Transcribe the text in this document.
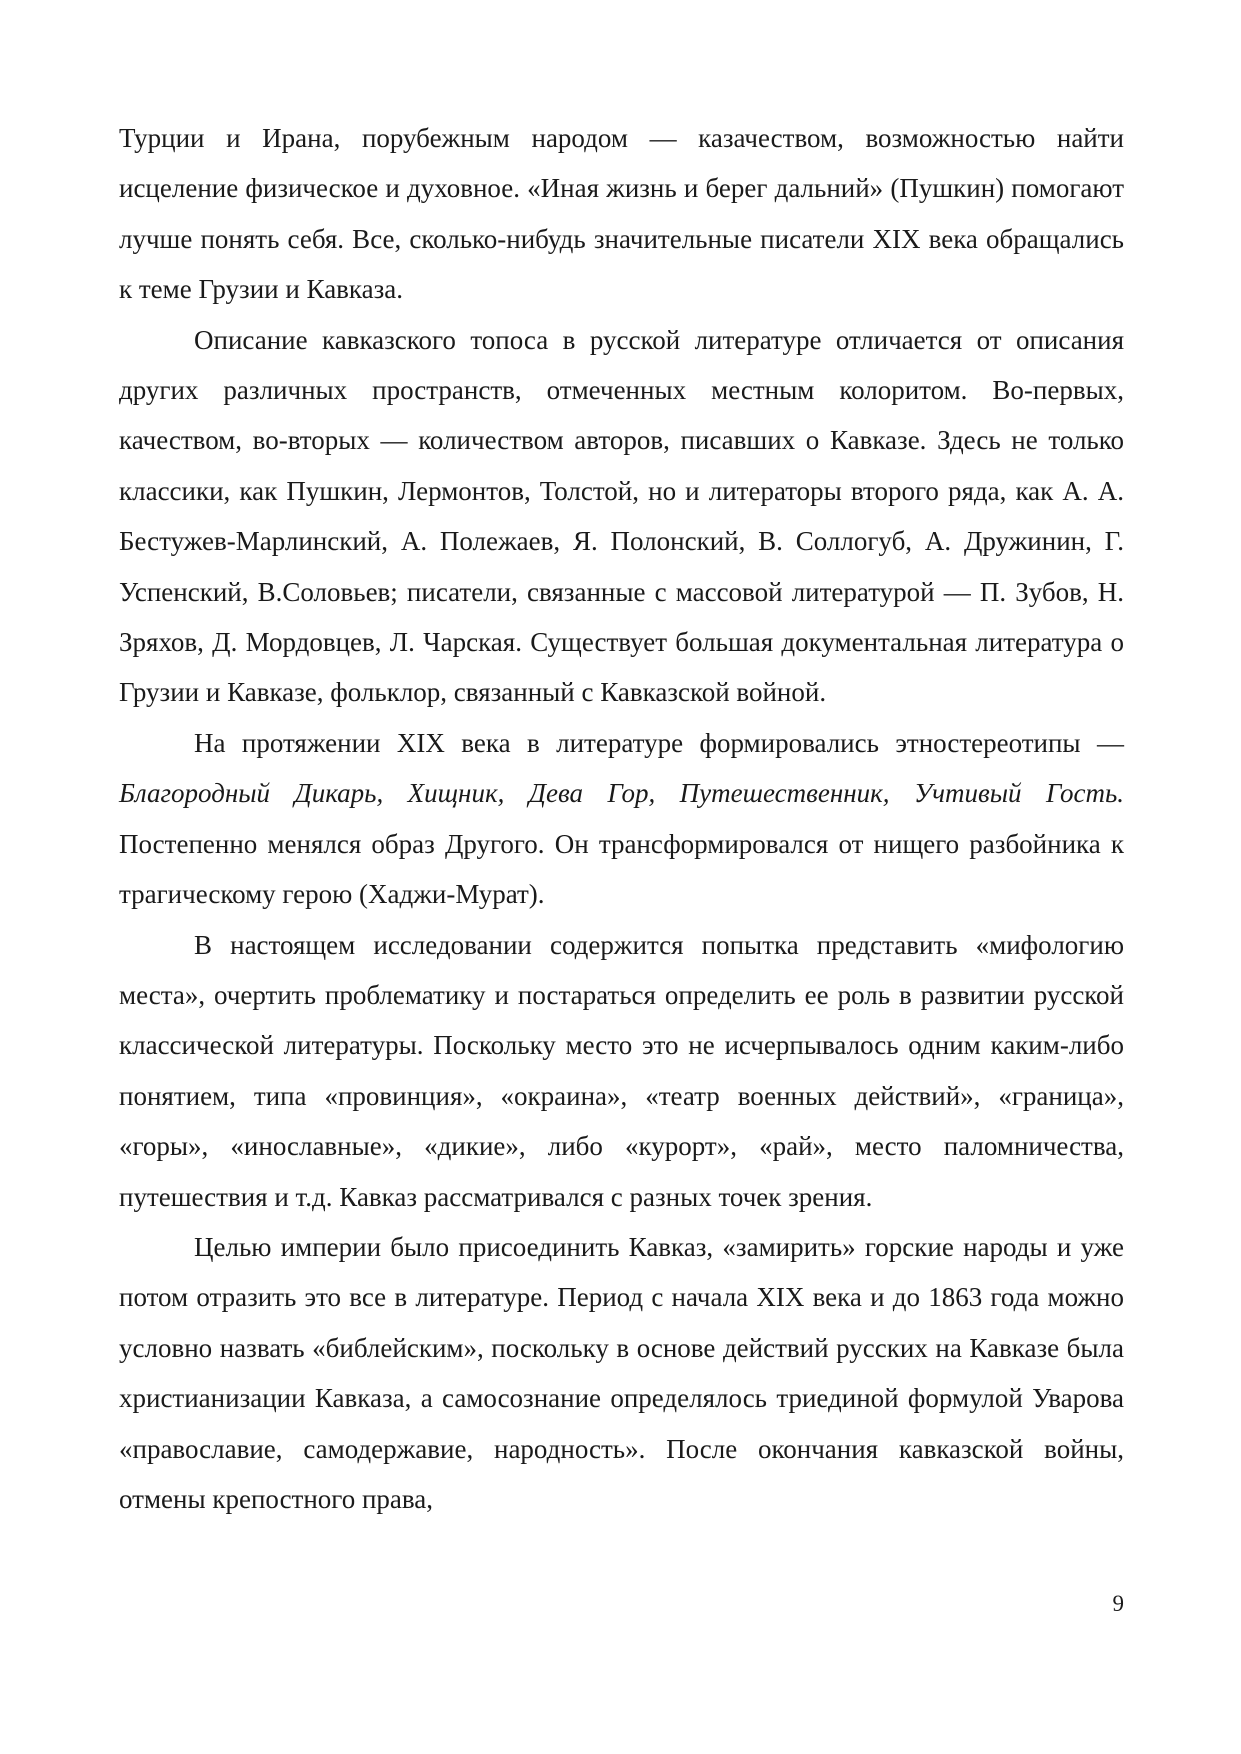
Турции и Ирана, порубежным народом — казачеством, возможностью найти исцеление физическое и духовное. «Иная жизнь и берег дальний» (Пушкин) помогают лучше понять себя. Все, сколько-нибудь значительные писатели XIX века обращались к теме Грузии и Кавказа.

Описание кавказского топоса в русской литературе отличается от описания других различных пространств, отмеченных местным колоритом. Во-первых, качеством, во-вторых — количеством авторов, писавших о Кавказе. Здесь не только классики, как Пушкин, Лермонтов, Толстой, но и литераторы второго ряда, как А. А. Бестужев-Марлинский, А. Полежаев, Я. Полонский, В. Соллогуб, А. Дружинин, Г. Успенский, В.Соловьев; писатели, связанные с массовой литературой — П. Зубов, Н. Зряхов, Д. Мордовцев, Л. Чарская. Существует большая документальная литература о Грузии и Кавказе, фольклор, связанный с Кавказской войной.

На протяжении XIX века в литературе формировались этностереотипы — Благородный Дикарь, Хищник, Дева Гор, Путешественник, Учтивый Гость. Постепенно менялся образ Другого. Он трансформировался от нищего разбойника к трагическому герою (Хаджи-Мурат).

В настоящем исследовании содержится попытка представить «мифологию места», очертить проблематику и постараться определить ее роль в развитии русской классической литературы. Поскольку место это не исчерпывалось одним каким-либо понятием, типа «провинция», «окраина», «театр военных действий», «граница», «горы», «инославные», «дикие», либо «курорт», «рай», место паломничества, путешествия и т.д. Кавказ рассматривался с разных точек зрения.

Целью империи было присоединить Кавказ, «замирить» горские народы и уже потом отразить это все в литературе. Период с начала XIX века и до 1863 года можно условно назвать «библейским», поскольку в основе действий русских на Кавказе была христианизации Кавказа, а самосознание определялось триединой формулой Уварова «православие, самодержавие, народность». После окончания кавказской войны, отмены крепостного права,

9
